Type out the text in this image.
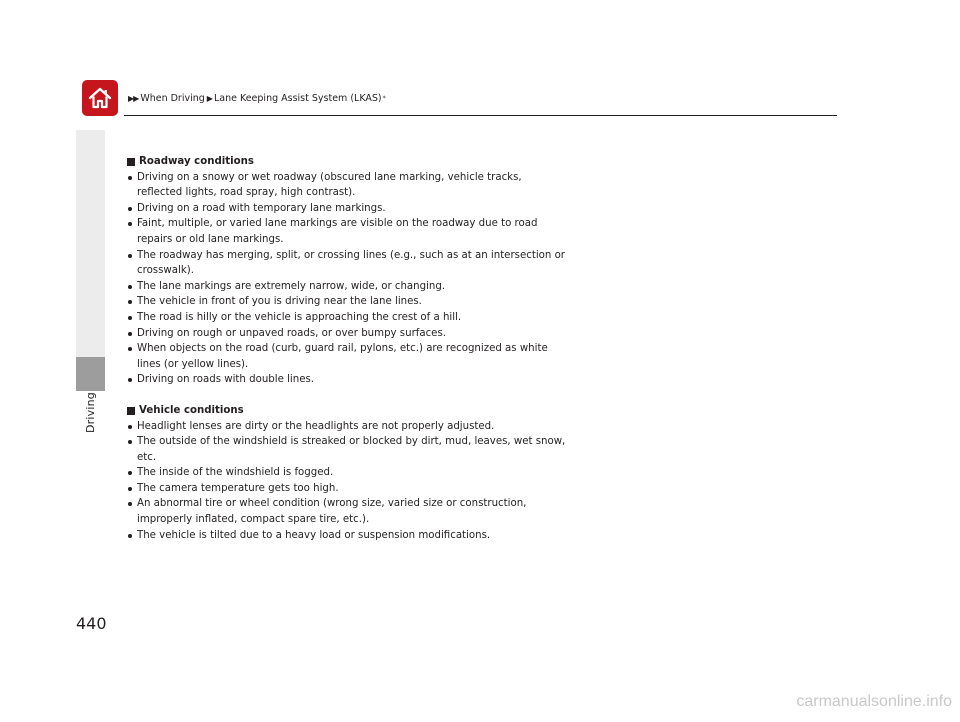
▶▶ When Driving ▶ Lane Keeping Assist System (LKAS) *
Driving

Roadway conditions

Driving on a snowy or wet roadway (obscured lane marking, vehicle tracks, reflected lights, road spray, high contrast).
Driving on a road with temporary lane markings.
Faint, multiple, or varied lane markings are visible on the roadway due to road repairs or old lane markings.
The roadway has merging, split, or crossing lines (e.g., such as at an intersection or crosswalk).
The lane markings are extremely narrow, wide, or changing.
The vehicle in front of you is driving near the lane lines.
The road is hilly or the vehicle is approaching the crest of a hill.
Driving on rough or unpaved roads, or over bumpy surfaces.
When objects on the road (curb, guard rail, pylons, etc.) are recognized as white lines (or yellow lines).
Driving on roads with double lines.

Vehicle conditions

Headlight lenses are dirty or the headlights are not properly adjusted.
The outside of the windshield is streaked or blocked by dirt, mud, leaves, wet snow, etc.
The inside of the windshield is fogged.
The camera temperature gets too high.
An abnormal tire or wheel condition (wrong size, varied size or construction, improperly inflated, compact spare tire, etc.).
The vehicle is tilted due to a heavy load or suspension modifications.
440
carmanualsonline.info
